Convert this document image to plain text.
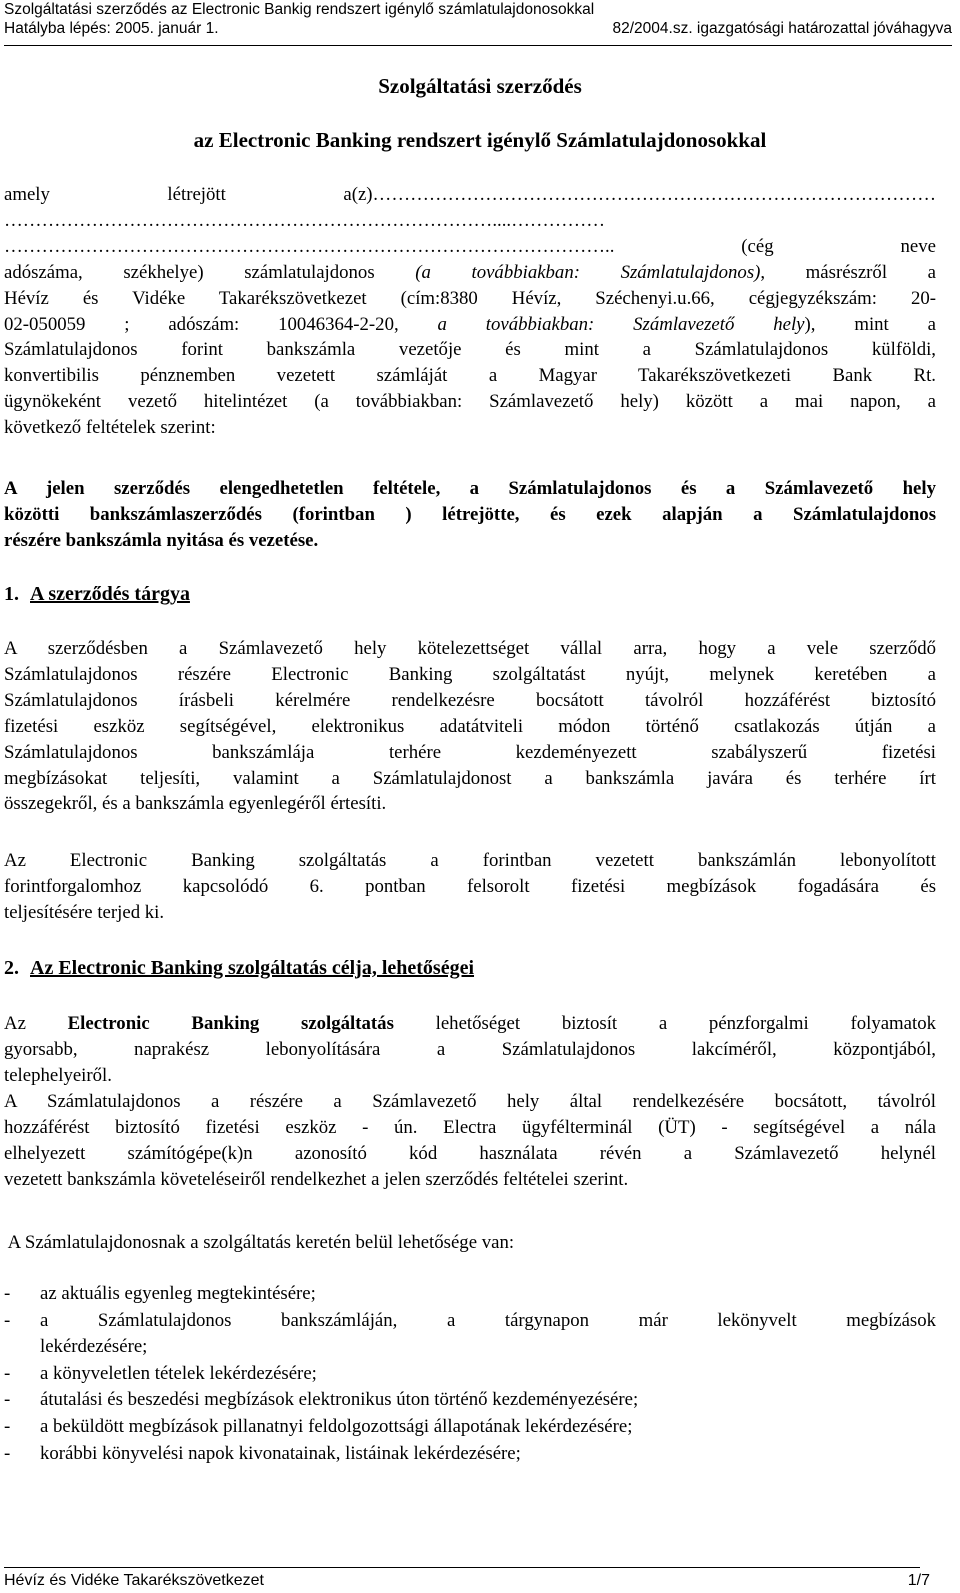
Szolgáltatási szerződés az Electronic Bankig rendszert igénylő számlatulajdonosokkal
Hatályba lépés: 2005. január 1.	82/2004.sz. igazgatósági határozattal jóváhagyva
Szolgáltatási szerződés
az Electronic Banking rendszert igénylő Számlatulajdonosokkal
amely létrejött a(z)………………………………………………………………………………
……………………………………………………………………....……………
…………………………………………………………………………………….. (cég neve
adószáma, székhelye) számlatulajdonos (a továbbiakban: Számlatulajdonos), másrészről a
Hévíz és Vidéke Takarékszövetkezet (cím:8380 Hévíz, Széchenyi.u.66, cégjegyzékszám: 20-
02-050059 ; adószám: 10046364-2-20, a továbbiakban: Számlavezető hely), mint a
Számlatulajdonos forint bankszámla vezetője és mint a Számlatulajdonos külföldi,
konvertibilis pénznemben vezetett számláját a Magyar Takarékszövetkezeti Bank Rt.
ügynökeként vezető hitelintézet (a továbbiakban: Számlavezető hely) között a mai napon, a
következő feltételek szerint:
A jelen szerződés elengedhetetlen feltétele, a Számlatulajdonos és a Számlavezető hely
közötti bankszámlaszerződés (forintban ) létrejötte, és ezek alapján a Számlatulajdonos
részére bankszámla nyitása és vezetése.
1. A szerződés tárgya
A szerződésben a Számlavezető hely kötelezettséget vállal arra, hogy a vele szerződő
Számlatulajdonos részére Electronic Banking szolgáltatást nyújt, melynek keretében a
Számlatulajdonos írásbeli kérelmére rendelkezésre bocsátott távolról hozzáférést biztosító
fizetési eszköz segítségével, elektronikus adatátviteli módon történő csatlakozás útján a
Számlatulajdonos bankszámlája terhére kezdeményezett szabályszerű fizetési
megbízásokat teljesíti, valamint a Számlatulajdonost a bankszámla javára és terhére írt
összegekről, és a bankszámla egyenlegéről értesíti.
Az Electronic Banking szolgáltatás a forintban vezetett bankszámlán lebonyolított
forintforgalomhoz kapcsolódó 6. pontban felsorolt fizetési megbízások fogadására és
teljesítésére terjed ki.
2. Az Electronic Banking szolgáltatás célja, lehetőségei
Az Electronic Banking szolgáltatás lehetőséget biztosít a pénzforgalmi folyamatok
gyorsabb, naprakész lebonyolítására a Számlatulajdonos lakcíméről, központjából,
telephelyeiről.
A Számlatulajdonos a részére a Számlavezető hely által rendelkezésére bocsátott, távolról
hozzáférést biztosító fizetési eszköz - ún. Electra ügyfélterminál (ÜT) - segítségével a nála
elhelyezett számítógépe(k)n azonosító kód használata révén a Számlavezető helynél
vezetett bankszámla követeléseiről rendelkezhet a jelen szerződés feltételei szerint.
A Számlatulajdonosnak a szolgáltatás keretén belül lehetősége van:
-	az aktuális egyenleg megtekintésére;
-	a Számlatulajdonos bankszámláján, a tárgynapon már lekönyvelt megbízások
lekérdezésére;
-	a könyveletlen tételek lekérdezésére;
-	átutalási és beszedési megbízások elektronikus úton történő kezdeményezésére;
-	a beküldött megbízások pillanatnyi feldolgozottsági állapotának lekérdezésére;
-	korábbi könyvelési napok kivonatainak, listáinak lekérdezésére;
Hévíz és Vidéke Takarékszövetkezet	1/7
